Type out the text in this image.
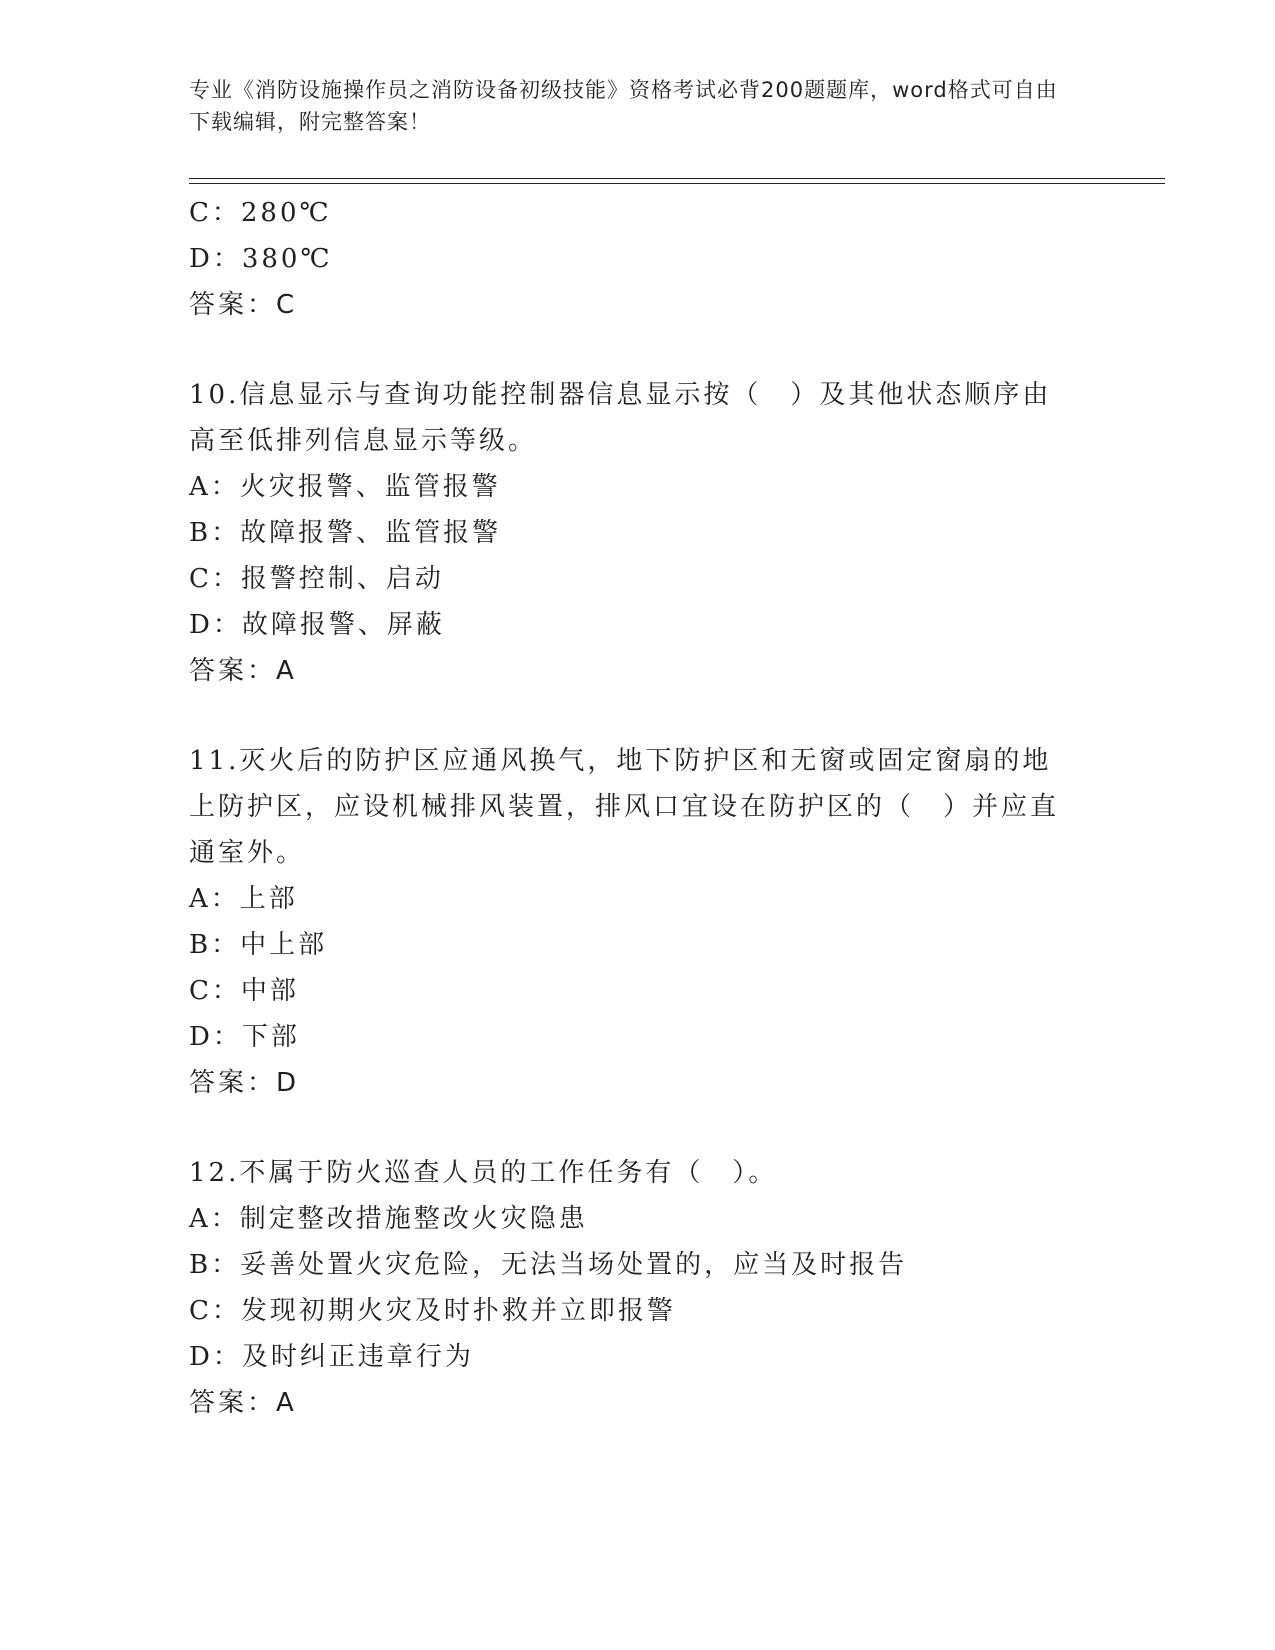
专业《消防设施操作员之消防设备初级技能》资格考试必背200题题库，word格式可自由下载编辑，附完整答案！
C：280℃
D：380℃
答案：C
10.信息显示与查询功能控制器信息显示按（　）及其他状态顺序由高至低排列信息显示等级。
A：火灾报警、监管报警
B：故障报警、监管报警
C：报警控制、启动
D：故障报警、屏蔽
答案：A
11.灭火后的防护区应通风换气，地下防护区和无窗或固定窗扇的地上防护区，应设机械排风装置，排风口宜设在防护区的（　）并应直通室外。
A：上部
B：中上部
C：中部
D：下部
答案：D
12.不属于防火巡查人员的工作任务有（　）。
A：制定整改措施整改火灾隐患
B：妥善处置火灾危险，无法当场处置的，应当及时报告
C：发现初期火灾及时扑救并立即报警
D：及时纠正违章行为
答案：A
